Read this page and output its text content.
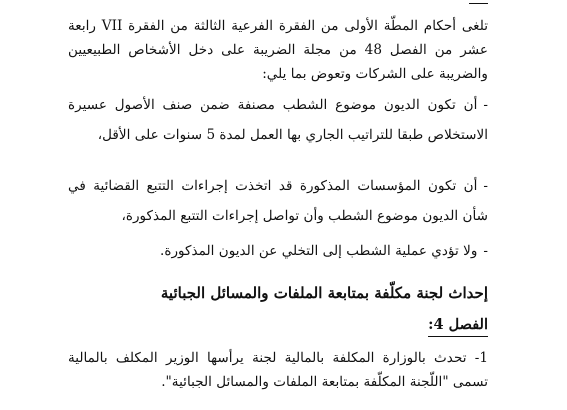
تلغى أحكام المطّة الأولى من الفقرة الفرعية الثالثة من الفقرة VII رابعة عشر من الفصل 48 من مجلة الضريبة على دخل الأشخاص الطبيعيين والضريبة على الشركات وتعوض بما يلي:

-أن تكون الديون موضوع الشطب مصنفة ضمن صنف الأصول عسيرة الاستخلاص طبقا للتراتيب الجاري بها العمل لمدة 5 سنوات على الأقل،

-أن تكون المؤسسات المذكورة قد اتخذت إجراءات التتبع القضائية في شأن الديون موضوع الشطب وأن تواصل إجراءات التتبع المذكورة،

-ولا تؤدي عملية الشطب إلى التخلي عن الديون المذكورة.

إحداث لجنة مكلّفة بمتابعة الملفات والمسائل الجبائية

الفصل 4:

1- تحدث بالوزارة المكلفة بالمالية لجنة يرأسها الوزير المكلف بالمالية تسمى "اللّجنة المكلّفة بمتابعة الملفات والمسائل الجبائية".
